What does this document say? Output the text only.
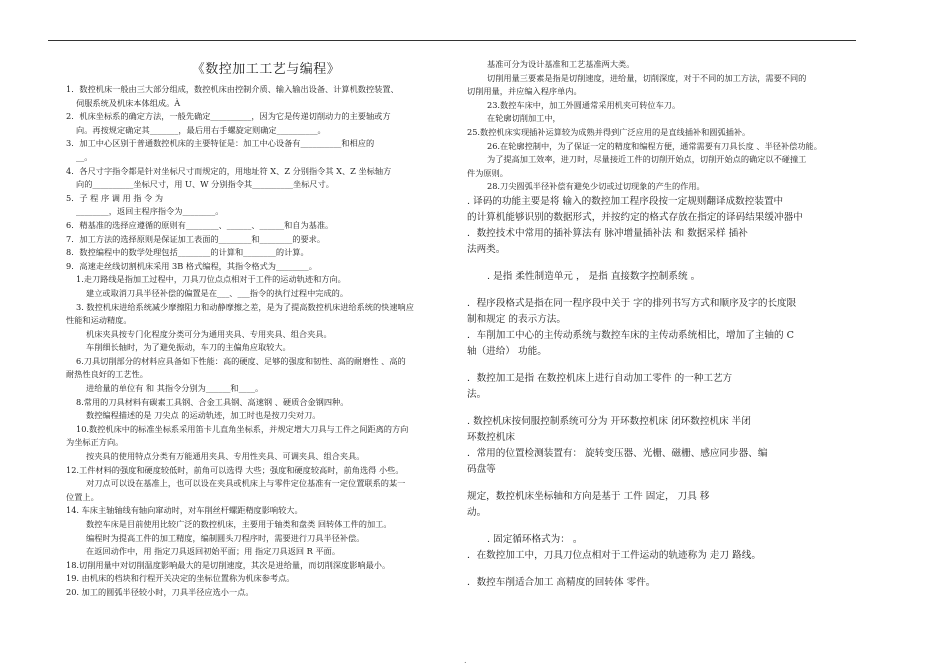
《数控加工工艺与编程》
1．数控机床一般由三大部分组成，数控机床由控制介质、输入输出设备、计算机数控装置、
伺服系统及机床本体组成。À
2．机床坐标系的确定方法，一般先确定__________，因为它是传递切削动力的主要轴或方
向。再按规定确定其_______，最后用右手螺旋定则确定__________。
3．加工中心区别于普通数控机床的主要特征是：加工中心设备有__________和相应的
__。
4．各尺寸字指令都是针对坐标尺寸而规定的，用地址符 X、Z 分别指令其 X、Z 坐标轴方
向的__________坐标尺寸，用 U、W 分别指令其__________坐标尺寸。
5．子 程 序 调 用 指 令 为
________，返回主程序指令为________。
6．精基准的选择应遵循的原则有________、______、______和自为基准。
7．加工方法的选择原则是保证加工表面的________和________的要求。
8．数控编程中的数学处理包括________的计算和________的计算。
9．高速走丝线切割机床采用 3B 格式编程，其指令格式为________。
1.走刀路线是指加工过程中，刀具刀位点点相对于工件的运动轨迹和方向。
建立或取消刀具半径补偿的偏置是在___、___指令的执行过程中完成的。
3. 数控机床进给系统减少摩擦阻力和动静摩擦之差，是为了提高数控机床进给系统的快速响应
性能和运动精度。
机床夹具按专门化程度分类可分为通用夹具、专用夹具、组合夹具。
车削细长轴时，为了避免振动，车刀的主偏角应取较大。
6.刀具切削部分的材料应具备如下性能：高的硬度、足够的强度和韧性、高的耐磨性 、高的
耐热性良好的工艺性。
进给量的单位有 和 其指令分别为______和____。
8.常用的刀具材料有碳素工具钢、合金工具钢、高速钢 、硬质合金钢四种。
数控编程描述的是 刀尖点 的运动轨迹，加工时也是按刀尖对刀。
10.数控机床中的标准坐标系采用笛卡儿直角坐标系，并规定增大刀具与工件之间距离的方向
为坐标正方向。
按夹具的使用特点分类有万能通用夹具、专用性夹具、可调夹具、组合夹具。
12.工件材料的强度和硬度较低时，前角可以选得 大些；强度和硬度较高时，前角选得 小些。
对刀点可以设在基准上，也可以设在夹具或机床上与零件定位基准有一定位置联系的某一
位置上。
14. 车床主轴轴线有轴向窜动时，对车削丝杆螺距精度影响较大。
数控车床是目前使用比较广泛的数控机床，主要用于轴类和盘类 回转体工件的加工。
编程时为提高工件的加工精度，编制圆头刀程序时，需要进行刀具半径补偿。
在返回动作中，用 指定刀具返回初始平面；用 指定刀具返回 R 平面。
18.切削用量中对切削温度影响最大的是切削速度，其次是进给量，而切削深度影响最小。
19. 由机床的档块和行程开关决定的坐标位置称为机床参考点。
20. 加工的圆弧半径较小时，刀具半径应选小一点。
基准可分为设计基准和工艺基准两大类。
切削用量三要素是指是切削速度，进给量，切削深度，对于不同的加工方法，需要不同的
切削用量，并应编入程序单内。
23.数控车床中，加工外圆通常采用机夹可转位车刀。
在轮廓切削加工中，
25.数控机床实现插补运算较为成熟并得到广泛应用的是直线插补和圆弧插补。
26.在轮廓控制中，为了保证一定的精度和编程方便，通常需要有刀具长度 、半径补偿功能。
为了提高加工效率，进刀时，尽量接近工件的切削开始点，切削开始点的确定以不碰撞工
件为原则。
28.刀尖圆弧半径补偿有避免少切或过切现象的产生的作用。
. 译码的功能主要是将 输入的数控加工程序段按一定规则翻译成数控装置中
的计算机能够识别的数据形式，并按约定的格式存放在指定的译码结果缓冲器中
．数控技术中常用的插补算法有 脉冲增量插补法 和 数据采样 插补
法两类。
. 是指 柔性制造单元 ， 是指 直接数字控制系统 。
．程序段格式是指在同一程序段中关于 字的排列书写方式和顺序及字的长度限
制和规定 的表示方法。
．车削加工中心的主传动系统与数控车床的主传动系统相比，增加了主轴的 C
轴（进给） 功能。
．数控加工是指 在数控机床上进行自动加工零件 的一种工艺方
法。
. 数控机床按伺服控制系统可分为 开环数控机床 闭环数控机床 半闭
环数控机床
．常用的位置检测装置有： 旋转变压器、光栅、磁栅、感应同步器、编
码盘等
规定，数控机床坐标轴和方向是基于 工件 固定， 刀具 移
动。
. 固定循环格式为： 。
．在数控加工中，刀具刀位点相对于工件运动的轨迹称为 走刀 路线。
．数控车削适合加工 高精度的回转体 零件。
.
